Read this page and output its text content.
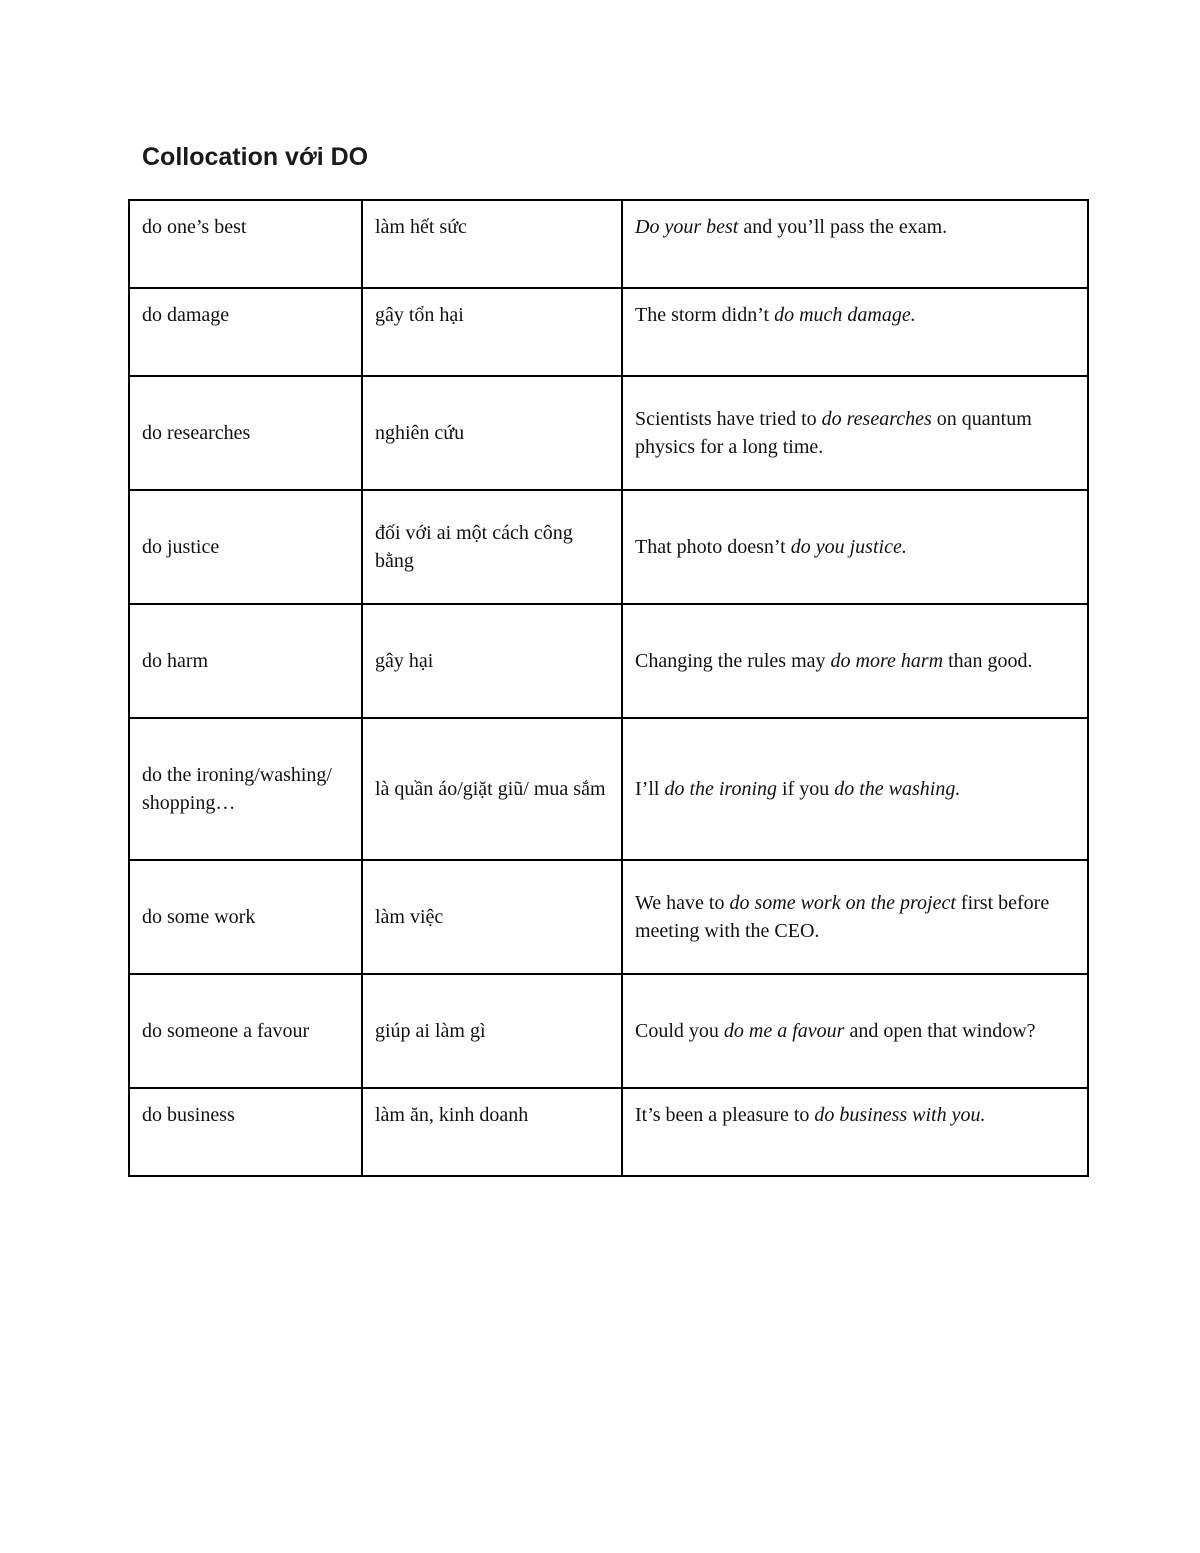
Collocation với DO
do one’s best	làm hết sức	Do your best and you’ll pass the exam.
do damage	gây tổn hại	The storm didn’t do much damage.
do researches	nghiên cứu	Scientists have tried to do researches on quantum physics for a long time.
do justice	đối với ai một cách công bằng	That photo doesn’t do you justice.
do harm	gây hại	Changing the rules may do more harm than good.
do the ironing/washing/ shopping…	là quần áo/giặt giũ/ mua sắm	I’ll do the ironing if you do the washing.
do some work	làm việc	We have to do some work on the project first before meeting with the CEO.
do someone a favour	giúp ai làm gì	Could you do me a favour and open that window?
do business	làm ăn, kinh doanh	It’s been a pleasure to do business with you.
